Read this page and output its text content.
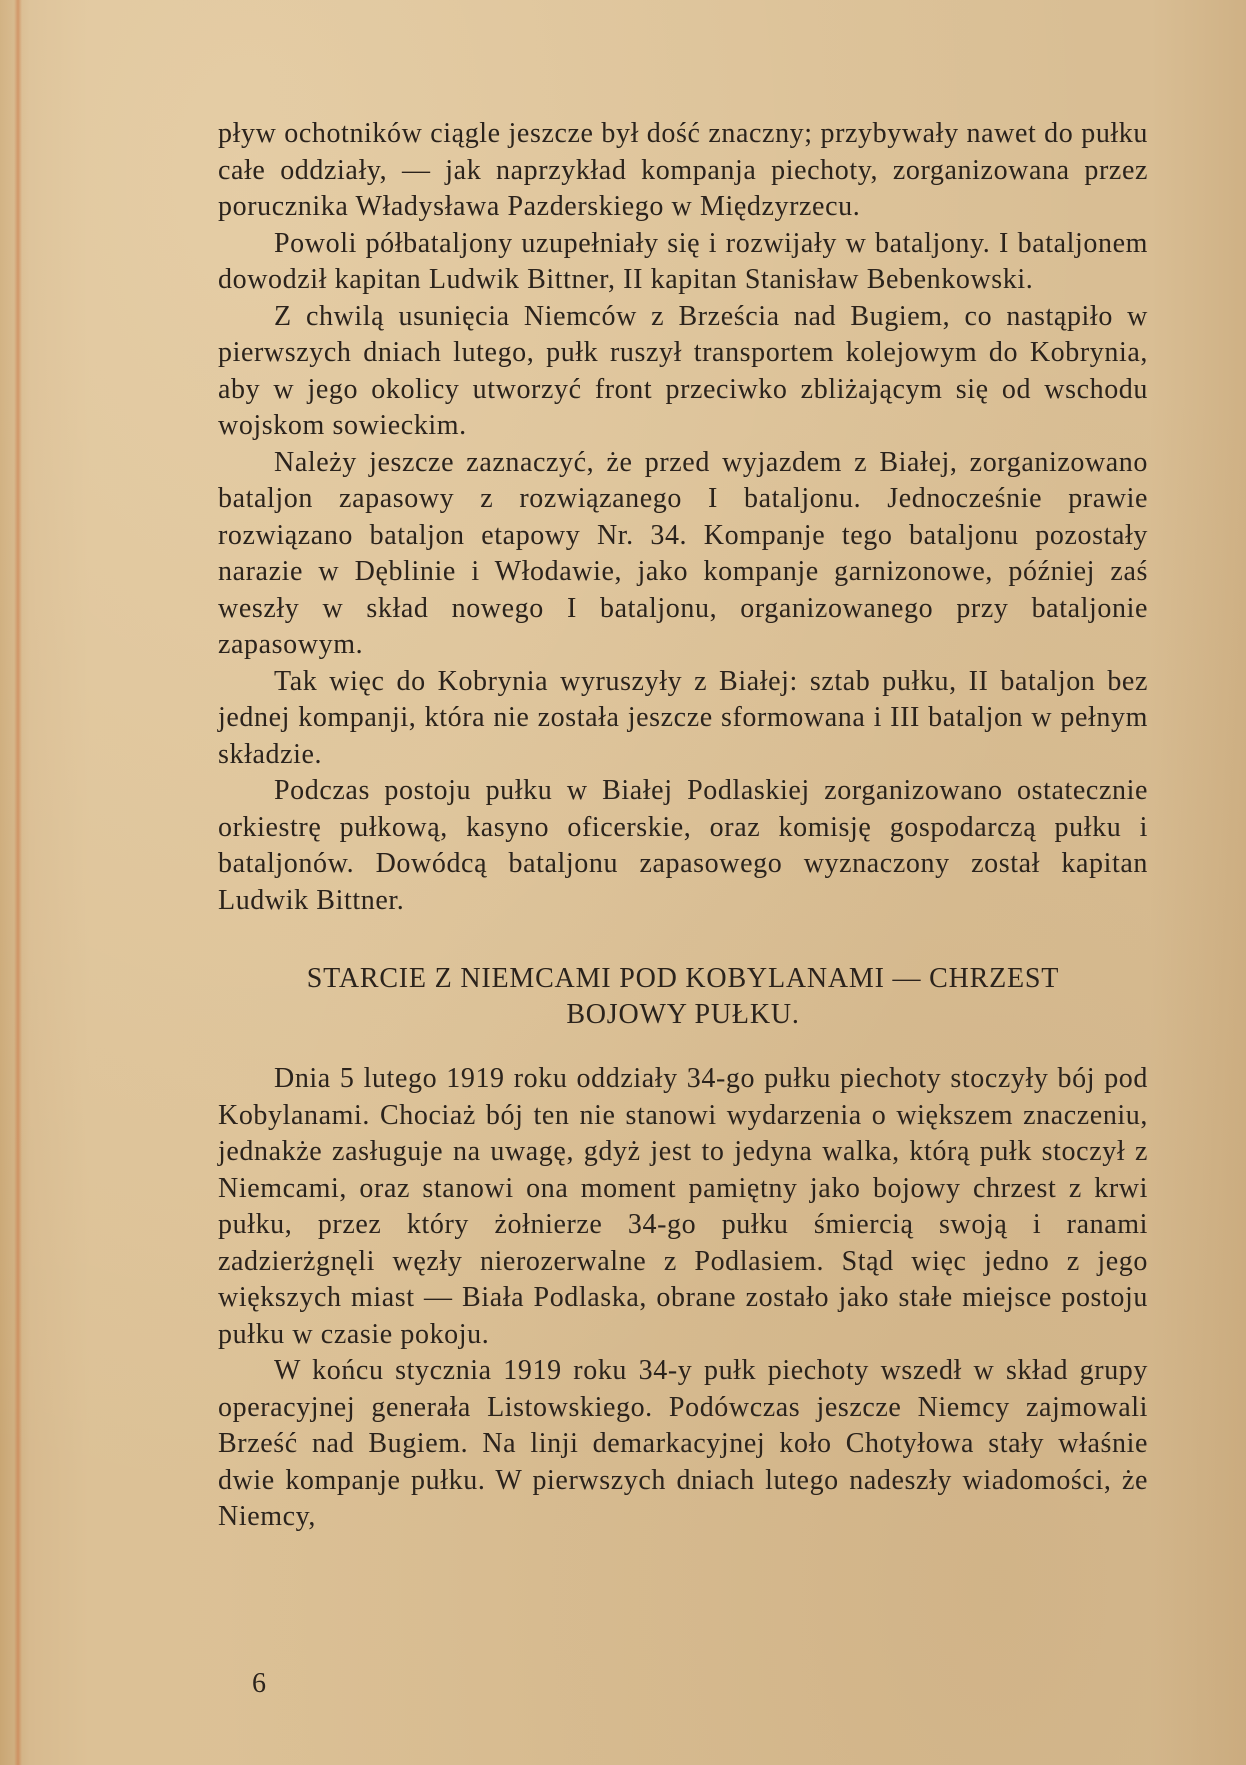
pływ ochotników ciągle jeszcze był dość znaczny; przybywały nawet do pułku całe oddziały, — jak naprzykład kompanja piechoty, zorganizowana przez porucznika Władysława Pazderskiego w Międzyrzecu.

Powoli półbataljony uzupełniały się i rozwijały w bataljony. I bataljonem dowodził kapitan Ludwik Bittner, II kapitan Stanisław Bebenkowski.

Z chwilą usunięcia Niemców z Brześcia nad Bugiem, co nastąpiło w pierwszych dniach lutego, pułk ruszył transportem kolejowym do Kobrynia, aby w jego okolicy utworzyć front przeciwko zbliżającym się od wschodu wojskom sowieckim.

Należy jeszcze zaznaczyć, że przed wyjazdem z Białej, zorganizowano bataljon zapasowy z rozwiązanego I bataljonu. Jednocześnie prawie rozwiązano bataljon etapowy Nr. 34. Kompanje tego bataljonu pozostały narazie w Dęblinie i Włodawie, jako kompanje garnizonowe, później zaś weszły w skład nowego I bataljonu, organizowanego przy bataljonie zapasowym.

Tak więc do Kobrynia wyruszyły z Białej: sztab pułku, II bataljon bez jednej kompanji, która nie została jeszcze sformowana i III bataljon w pełnym składzie.

Podczas postoju pułku w Białej Podlaskiej zorganizowano ostatecznie orkiestrę pułkową, kasyno oficerskie, oraz komisję gospodarczą pułku i bataljonów. Dowódcą bataljonu zapasowego wyznaczony został kapitan Ludwik Bittner.

STARCIE Z NIEMCAMI POD KOBYLANAMI — CHRZEST
BOJOWY PUŁKU.

Dnia 5 lutego 1919 roku oddziały 34-go pułku piechoty stoczyły bój pod Kobylanami. Chociaż bój ten nie stanowi wydarzenia o większem znaczeniu, jednakże zasługuje na uwagę, gdyż jest to jedyna walka, którą pułk stoczył z Niemcami, oraz stanowi ona moment pamiętny jako bojowy chrzest z krwi pułku, przez który żołnierze 34-go pułku śmiercią swoją i ranami zadzierżgnęli węzły nierozerwalne z Podlasiem. Stąd więc jedno z jego większych miast — Biała Podlaska, obrane zostało jako stałe miejsce postoju pułku w czasie pokoju.

W końcu stycznia 1919 roku 34-y pułk piechoty wszedł w skład grupy operacyjnej generała Listowskiego. Podówczas jeszcze Niemcy zajmowali Brześć nad Bugiem. Na linji demarkacyjnej koło Chotyłowa stały właśnie dwie kompanje pułku. W pierwszych dniach lutego nadeszły wiadomości, że Niemcy,

6
